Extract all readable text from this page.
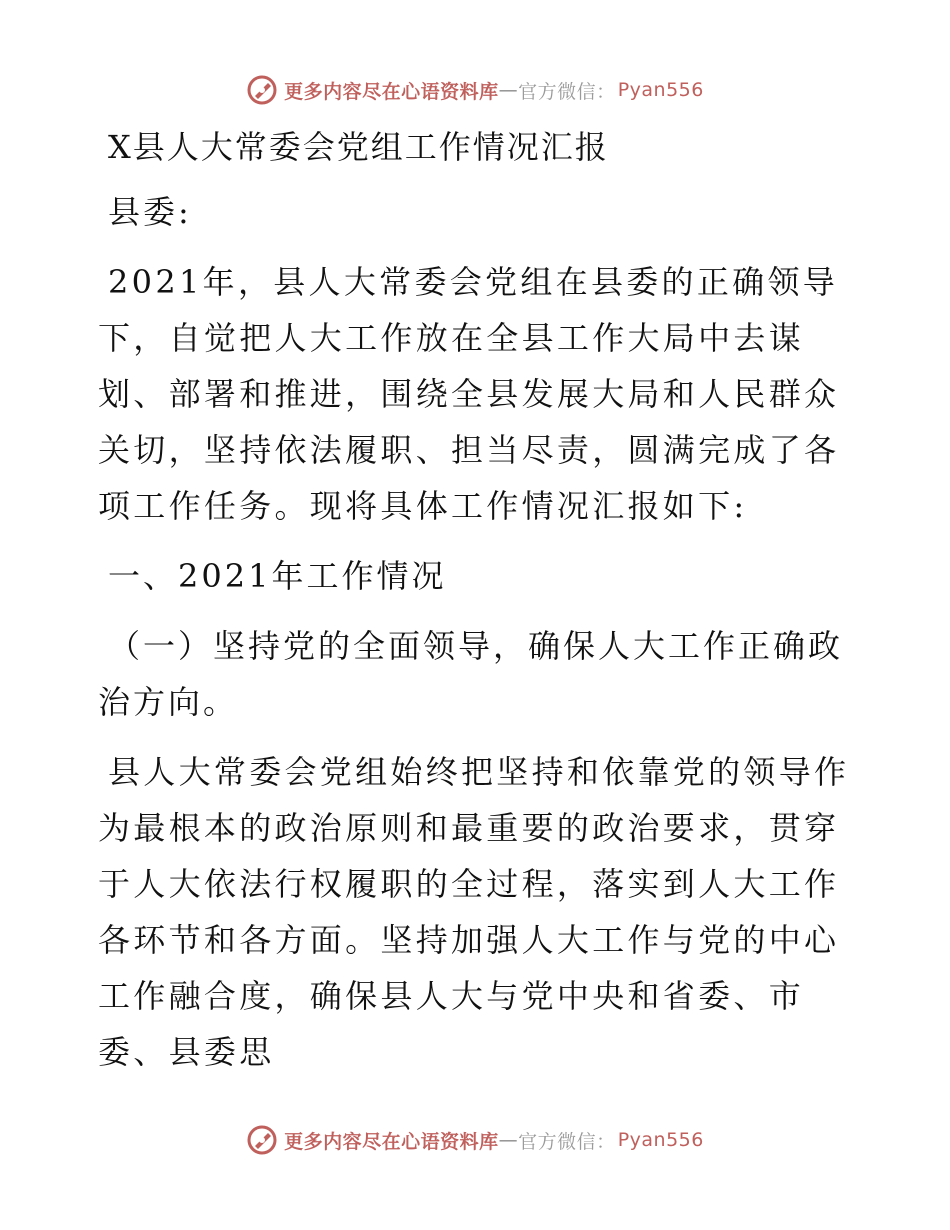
更多内容尽在心语资料库 — 官方微信： Pyan556
X县人大常委会党组工作情况汇报

县委:

2021年，县人大常委会党组在县委的正确领导下，自觉把人大工作放在全县工作大局中去谋划、部署和推进，围绕全县发展大局和人民群众关切，坚持依法履职、担当尽责，圆满完成了各项工作任务。现将具体工作情况汇报如下:

一、2021年工作情况

（一）坚持党的全面领导，确保人大工作正确政治方向。

县人大常委会党组始终把坚持和依靠党的领导作为最根本的政治原则和最重要的政治要求，贯穿于人大依法行权履职的全过程，落实到人大工作各环节和各方面。坚持加强人大工作与党的中心工作融合度，确保县人大与党中央和省委、市委、县委思

更多内容尽在心语资料库 — 官方微信： Pyan556
